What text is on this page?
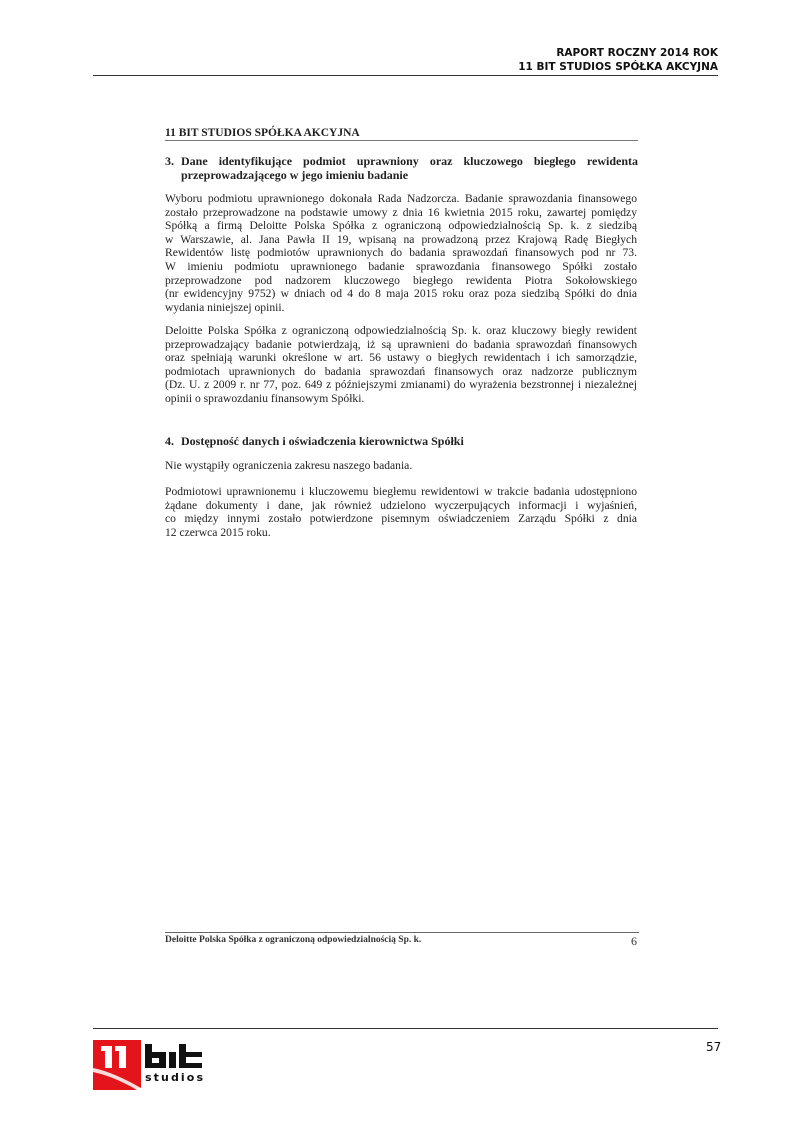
RAPORT ROCZNY 2014 ROK
11 BIT STUDIOS SPÓŁKA AKCYJNA
11 BIT STUDIOS SPÓŁKA AKCYJNA
3. Dane identyfikujące podmiot uprawniony oraz kluczowego biegłego rewidenta
przeprowadzającego w jego imieniu badanie
Wyboru podmiotu uprawnionego dokonała Rada Nadzorcza. Badanie sprawozdania finansowego
zostało przeprowadzone na podstawie umowy z dnia 16 kwietnia 2015 roku, zawartej pomiędzy
Spółką a firmą Deloitte Polska Spółka z ograniczoną odpowiedzialnością Sp. k. z siedzibą
w Warszawie, al. Jana Pawła II 19, wpisaną na prowadzoną przez Krajową Radę Biegłych
Rewidentów listę podmiotów uprawnionych do badania sprawozdań finansowych pod nr 73.
W imieniu podmiotu uprawnionego badanie sprawozdania finansowego Spółki zostało
przeprowadzone pod nadzorem kluczowego biegłego rewidenta Piotra Sokołowskiego
(nr ewidencyjny 9752) w dniach od 4 do 8 maja 2015 roku oraz poza siedzibą Spółki do dnia
wydania niniejszej opinii.
Deloitte Polska Spółka z ograniczoną odpowiedzialnością Sp. k. oraz kluczowy biegły rewident
przeprowadzający badanie potwierdzają, iż są uprawnieni do badania sprawozdań finansowych
oraz spełniają warunki określone w art. 56 ustawy o biegłych rewidentach i ich samorządzie,
podmiotach uprawnionych do badania sprawozdań finansowych oraz nadzorze publicznym
(Dz. U. z 2009 r. nr 77, poz. 649 z późniejszymi zmianami) do wyrażenia bezstronnej i niezależnej
opinii o sprawozdaniu finansowym Spółki.
4. Dostępność danych i oświadczenia kierownictwa Spółki
Nie wystąpiły ograniczenia zakresu naszego badania.
Podmiotowi uprawnionemu i kluczowemu biegłemu rewidentowi w trakcie badania udostępniono
żądane dokumenty i dane, jak również udzielono wyczerpujących informacji i wyjaśnień,
co między innymi zostało potwierdzone pisemnym oświadczeniem Zarządu Spółki z dnia
12 czerwca 2015 roku.
Deloitte Polska Spółka z ograniczoną odpowiedzialnością Sp. k.	6
studios
57
